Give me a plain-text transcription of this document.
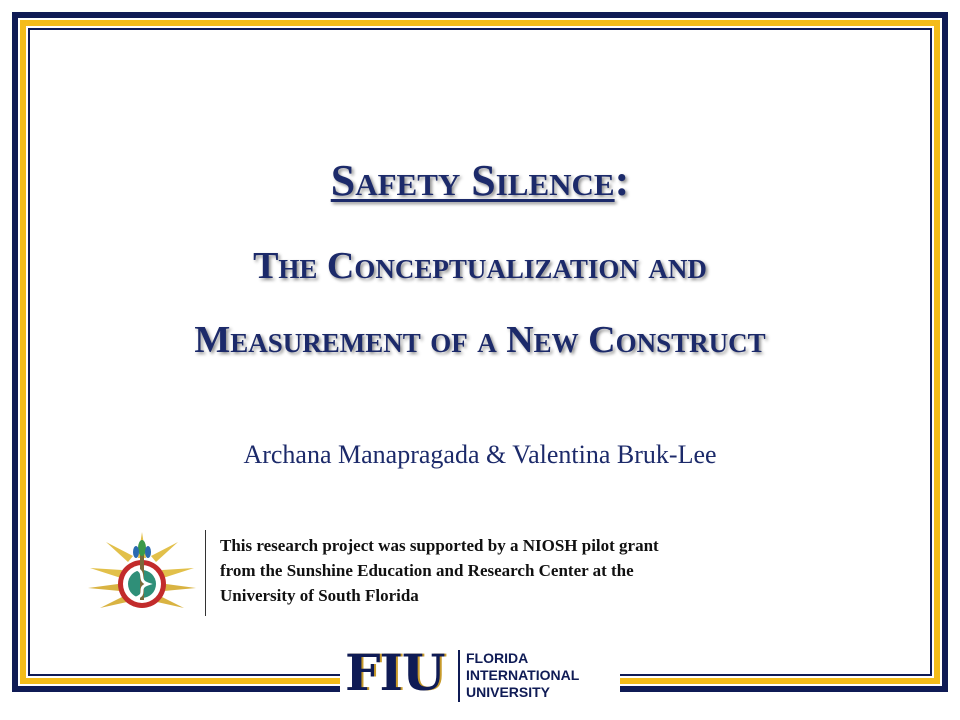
Safety Silence:
The Conceptualization and
Measurement of a New Construct
Archana Manapragada & Valentina Bruk-Lee
This research project was supported by a NIOSH pilot grant
from the Sunshine Education and Research Center at the
University of South Florida
FIU FLORIDA
INTERNATIONAL
UNIVERSITY
